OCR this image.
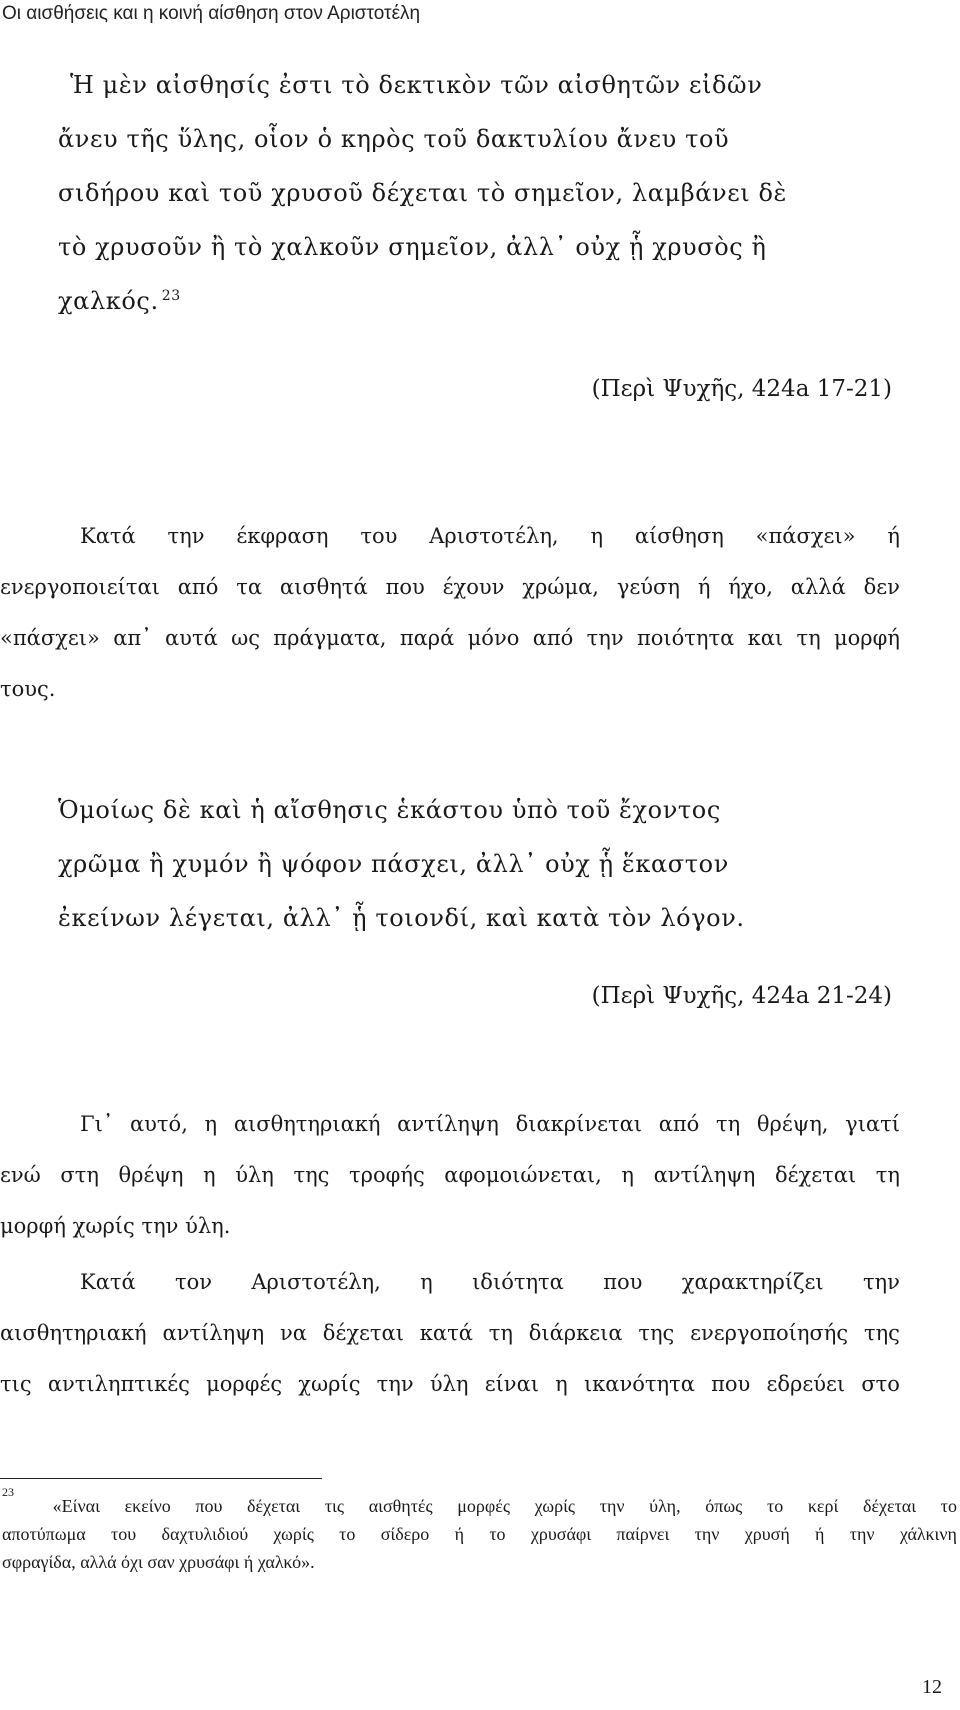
Οι αισθήσεις και η κοινή αίσθηση στον Αριστοτέλη
Ἡ μὲν αἰσθησίς ἐστι τὸ δεκτικὸν τῶν αἰσθητῶν εἰδῶν
ἄνευ τῆς ὕλης, οἷον ὁ κηρὸς τοῦ δακτυλίου ἄνευ τοῦ
σιδήρου καὶ τοῦ χρυσοῦ δέχεται τὸ σημεῖον, λαμβάνει δὲ
τὸ χρυσοῦν ἢ τὸ χαλκοῦν σημεῖον, ἀλλ᾽ οὐχ ᾗ χρυσὸς ἢ
χαλκός. $^{23}$
(Περὶ Ψυχῆς, 424a 17-21)
Κατά την έκφραση του Αριστοτέλη, η αίσθηση «πάσχει» ή
ενεργοποιείται από τα αισθητά που έχουν χρώμα, γεύση ή ήχο, αλλά δεν
«πάσχει» απ᾽ αυτά ως πράγματα, παρά μόνο από την ποιότητα και τη μορφή
τους.
Ὁμοίως δὲ καὶ ἡ αἴσθησις ἑκάστου ὑπὸ τοῦ ἔχοντος
χρῶμα ἢ χυμόν ἢ ψόφον πάσχει, ἀλλ᾽ οὐχ ᾗ ἕκαστον
ἐκείνων λέγεται, ἀλλ᾽ ᾗ τοιονδί, καὶ κατὰ τὸν λόγον.
(Περὶ Ψυχῆς, 424a 21-24)
Γι᾽ αυτό, η αισθητηριακή αντίληψη διακρίνεται από τη θρέψη, γιατί
ενώ στη θρέψη η ύλη της τροφής αφομοιώνεται, η αντίληψη δέχεται τη
μορφή χωρίς την ύλη.
Κατά τον Αριστοτέλη, η ιδιότητα που χαρακτηρίζει την
αισθητηριακή αντίληψη να δέχεται κατά τη διάρκεια της ενεργοποίησής της
τις αντιληπτικές μορφές χωρίς την ύλη είναι η ικανότητα που εδρεύει στο
23
«Είναι εκείνο που δέχεται τις αισθητές μορφές χωρίς την ύλη, όπως το κερί δέχεται το
αποτύπωμα του δαχτυλιδιού χωρίς το σίδερο ή το χρυσάφι παίρνει την χρυσή ή την χάλκινη
σφραγίδα, αλλά όχι σαν χρυσάφι ή χαλκό».
12
